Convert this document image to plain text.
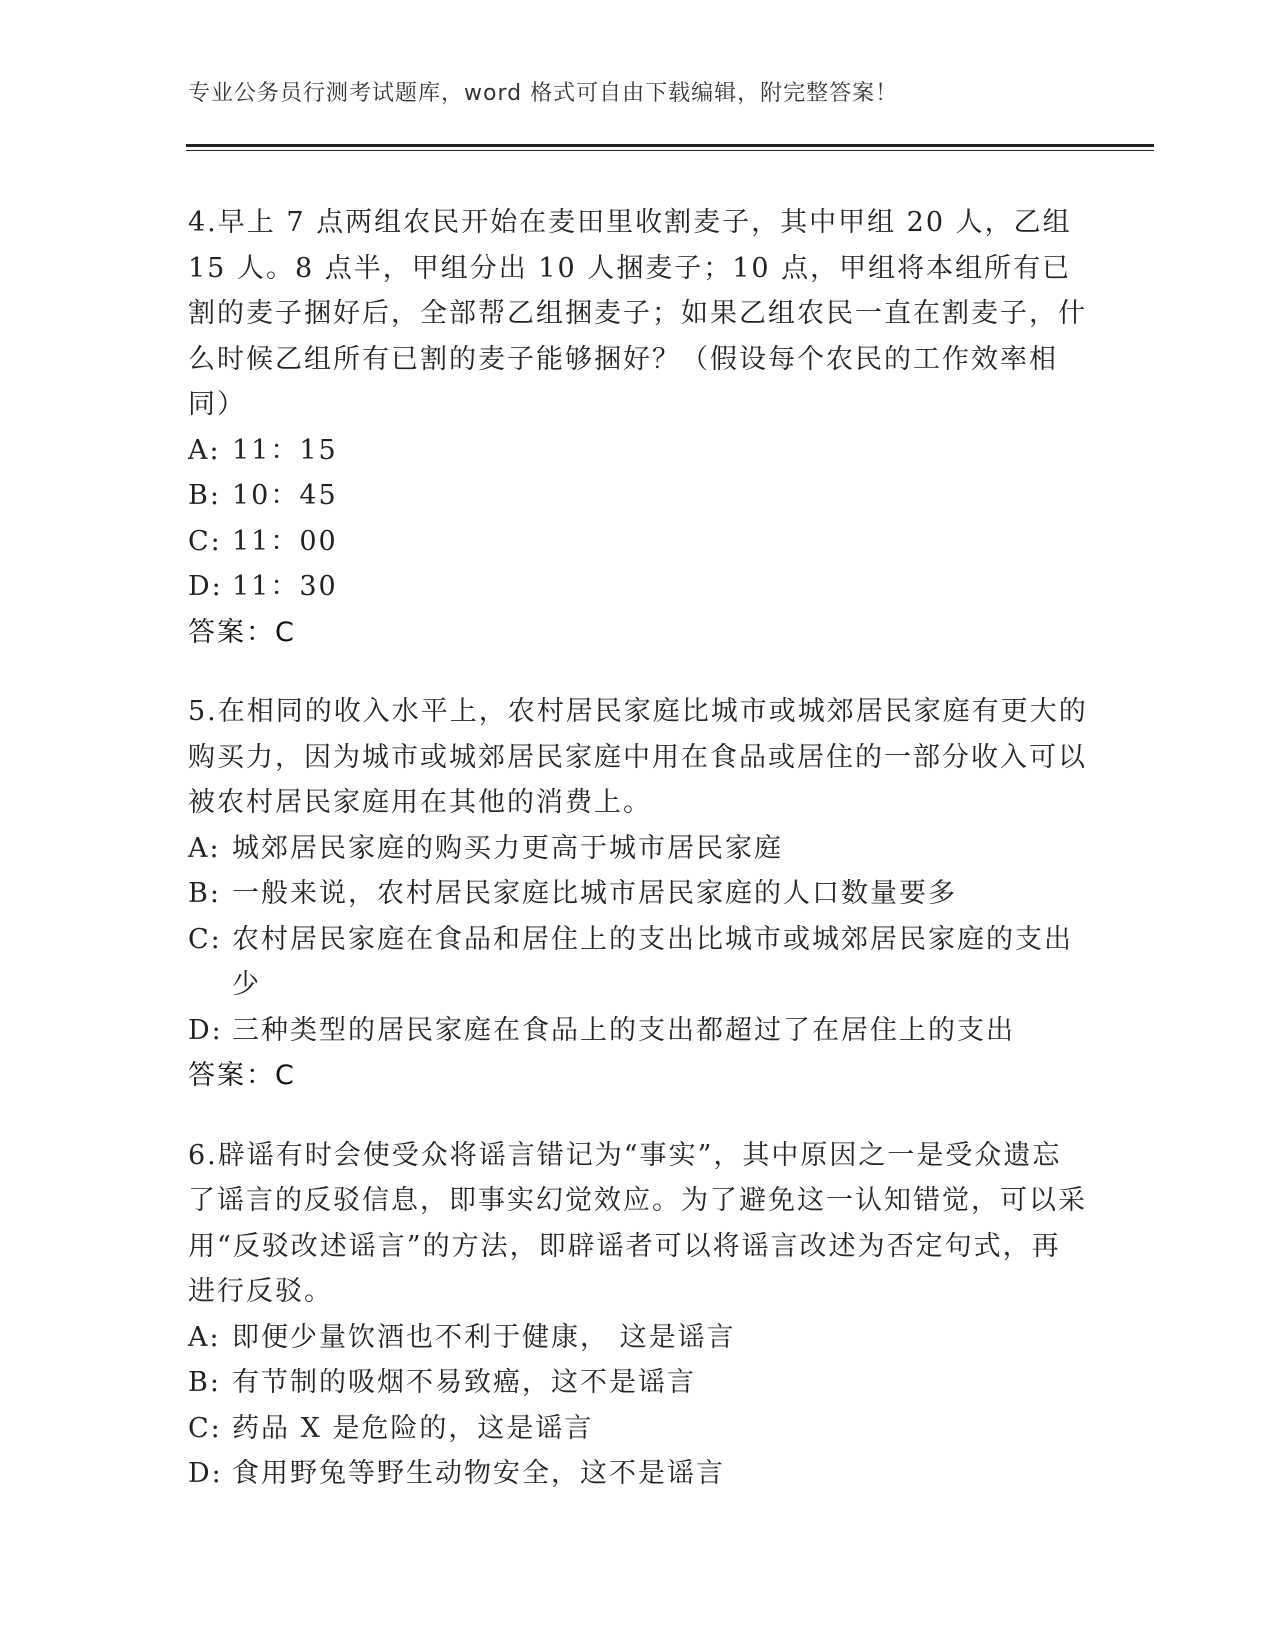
专业公务员行测考试题库，word 格式可自由下载编辑，附完整答案！

4.早上 7 点两组农民开始在麦田里收割麦子，其中甲组 20 人，乙组 15 人。8 点半，甲组分出 10 人捆麦子；10 点，甲组将本组所有已割的麦子捆好后，全部帮乙组捆麦子；如果乙组农民一直在割麦子，什么时候乙组所有已割的麦子能够捆好？（假设每个农民的工作效率相同）

A: 11：15
B: 10：45
C: 11：00
D: 11：30

答案：C

5.在相同的收入水平上，农村居民家庭比城市或城郊居民家庭有更大的购买力，因为城市或城郊居民家庭中用在食品或居住的一部分收入可以被农村居民家庭用在其他的消费上。

A: 城郊居民家庭的购买力更高于城市居民家庭
B: 一般来说，农村居民家庭比城市居民家庭的人口数量要多
C: 农村居民家庭在食品和居住上的支出比城市或城郊居民家庭的支出少
D: 三种类型的居民家庭在食品上的支出都超过了在居住上的支出

答案：C

6.辟谣有时会使受众将谣言错记为“事实”，其中原因之一是受众遗忘了谣言的反驳信息，即事实幻觉效应。为了避免这一认知错觉，可以采用“反驳改述谣言”的方法，即辟谣者可以将谣言改述为否定句式，再进行反驳。

A: 即便少量饮酒也不利于健康， 这是谣言
B: 有节制的吸烟不易致癌，这不是谣言
C: 药品 X 是危险的，这是谣言
D: 食用野兔等野生动物安全，这不是谣言
